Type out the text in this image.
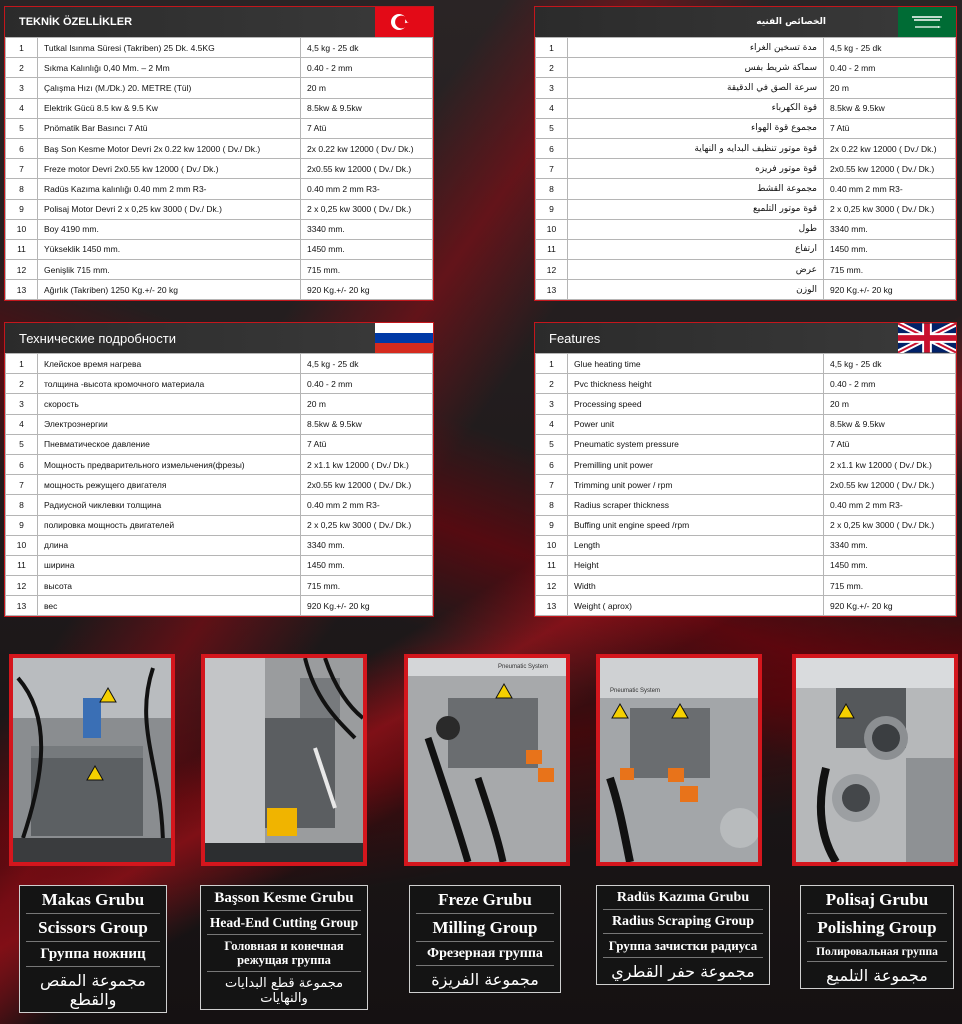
TEKNİK ÖZELLİKLER
1	Tutkal Isınma Süresi (Takriben) 25 Dk. 4.5KG	4,5 kg - 25 dk
2	Sıkma Kalınlığı 0,40 Mm. – 2 Mm	0.40 - 2 mm
3	Çalışma Hızı (M./Dk.) 20. METRE (Tül)	20 m
4	Elektrik Gücü 8.5 kw & 9.5 Kw	8.5kw & 9.5kw
5	Pnömatik Bar Basıncı 7 Atü	7 Atü
6	Baş Son Kesme Motor Devri 2x 0.22 kw 12000 ( Dv./ Dk.)	2x 0.22 kw 12000 ( Dv./ Dk.)
7	Freze motor Devri 2x0.55 kw 12000 ( Dv./ Dk.)	2x0.55 kw 12000 ( Dv./ Dk.)
8	Radüs Kazıma kalınlığı 0.40 mm 2 mm R3-	0.40 mm 2 mm R3-
9	Polisaj Motor Devri 2 x 0,25 kw 3000 ( Dv./ Dk.)	2 x 0,25 kw 3000 ( Dv./ Dk.)
10	Boy 4190 mm.	3340 mm.
11	Yükseklik 1450 mm.	1450 mm.
12	Genişlik 715 mm.	715 mm.
13	Ağırlık (Takriben) 1250 Kg.+/- 20 kg	920 Kg.+/- 20 kg
الخصائص الفنيه
1	مدة تسخين الغراء	4,5 kg - 25 dk
2	سماكة شريط بفس	0.40 - 2 mm
3	سرعة الصق في الدقيقة	20 m
4	قوة الكهرباء	8.5kw & 9.5kw
5	مجموع قوة الهواء	7 Atü
6	قوة موتور تنظيف البدايه و النهاية	2x 0.22 kw 12000 ( Dv./ Dk.)
7	قوة موتور فريزه	2x0.55 kw 12000 ( Dv./ Dk.)
8	مجموعة القشط	0.40 mm 2 mm R3-
9	قوة موتور التلميع	2 x 0,25 kw 3000 ( Dv./ Dk.)
10	طول	3340 mm.
11	ارتفاع	1450 mm.
12	عرض	715 mm.
13	الوزن	920 Kg.+/- 20 kg
Технические подробности
1	Клейское время нагрева	4,5 kg - 25 dk
2	толщина -высота кромочного материала	0.40 - 2 mm
3	скорость	20 m
4	Электроэнергии	8.5kw & 9.5kw
5	Пневматическое давление	7 Atü
6	Мощность предварительного измельчения(фрезы)	2 x1.1 kw 12000 ( Dv./ Dk.)
7	мощность режущего двигателя	2x0.55 kw 12000 ( Dv./ Dk.)
8	Радиусной чикле​вки толщина	0.40 mm 2 mm R3-
9	полировка мощность двигателей	2 x 0,25 kw 3000 ( Dv./ Dk.)
10	длина	3340 mm.
11	ширина	1450 mm.
12	высота	715 mm.
13	вес	920 Kg.+/- 20 kg
Features
1	Glue heating time	4,5 kg - 25 dk
2	Pvc thickness height	0.40 - 2 mm
3	Processing speed	20 m
4	Power unit	8.5kw & 9.5kw
5	Pneumatic system pressure	7 Atü
6	Premilling unit power	2 x1.1 kw 12000 ( Dv./ Dk.)
7	Trimming unit power / rpm	2x0.55 kw 12000 ( Dv./ Dk.)
8	Radius scraper thickness	0.40 mm 2 mm R3-
9	Buffing unit engine speed /rpm	2 x 0,25 kw 3000 ( Dv./ Dk.)
10	Length	3340 mm.
11	Height	1450 mm.
12	Width	715 mm.
13	Weight ( aprox)	920 Kg.+/- 20 kg
Pneumatic System
Pneumatic System
Makas Grubu
Scissors Group
Группа ножниц
مجموعة المقص والقطع
Başson Kesme Grubu
Head-End Cutting Group
Головная и конечная режущая группа
مجموعة قطع البدايات والنهايات
Freze Grubu
Milling Group
Фрезерная группа
مجموعة الفريزة
Radüs Kazıma Grubu
Radius Scraping Group
Группа зачистки радиуса
مجموعة حفر القطري
Polisaj Grubu
Polishing Group
Полировальная группа
مجموعة التلميع
